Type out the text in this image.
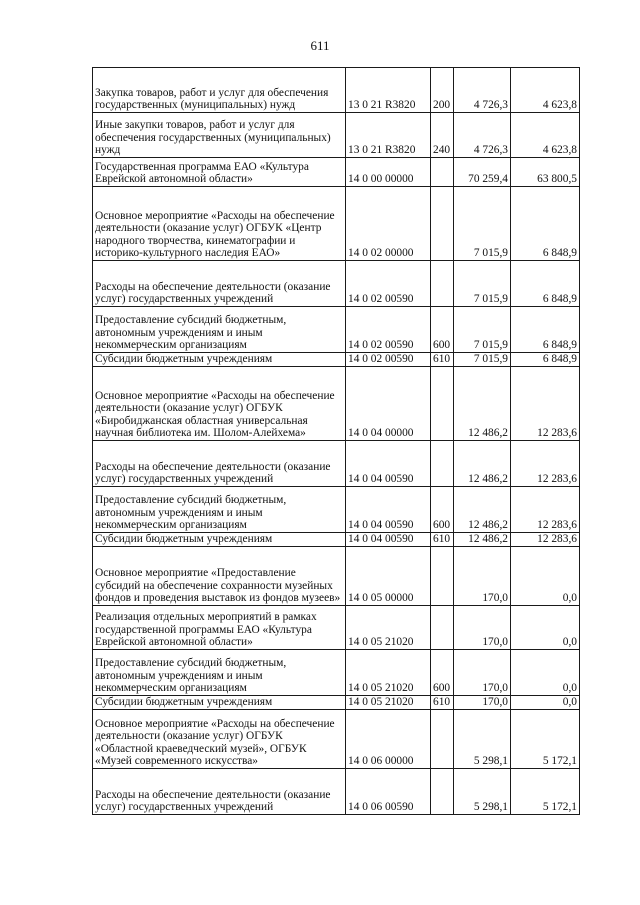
611
Закупка товаров, работ и услуг для обеспечения государственных (муниципальных) нужд	13 0 21 R3820	200	4 726,3	4 623,8
Иные закупки товаров, работ и услуг для обеспечения государственных (муниципальных) нужд	13 0 21 R3820	240	4 726,3	4 623,8
Государственная программа ЕАО «Культура Еврейской автономной области»	14 0 00 00000		70 259,4	63 800,5
Основное мероприятие «Расходы на обеспечение деятельности (оказание услуг) ОГБУК «Центр народного творчества, кинематографии и историко-культурного наследия ЕАО»	14 0 02 00000		7 015,9	6 848,9
Расходы на обеспечение деятельности (оказание услуг) государственных учреждений	14 0 02 00590		7 015,9	6 848,9
Предоставление субсидий бюджетным, автономным учреждениям и иным некоммерческим организациям	14 0 02 00590	600	7 015,9	6 848,9
Субсидии бюджетным учреждениям	14 0 02 00590	610	7 015,9	6 848,9
Основное мероприятие «Расходы на обеспечение деятельности (оказание услуг) ОГБУК «Биробиджанская областная универсальная научная библиотека им. Шолом-Алейхема»	14 0 04 00000		12 486,2	12 283,6
Расходы на обеспечение деятельности (оказание услуг) государственных учреждений	14 0 04 00590		12 486,2	12 283,6
Предоставление субсидий бюджетным, автономным учреждениям и иным некоммерческим организациям	14 0 04 00590	600	12 486,2	12 283,6
Субсидии бюджетным учреждениям	14 0 04 00590	610	12 486,2	12 283,6
Основное мероприятие «Предоставление субсидий на обеспечение сохранности музейных фондов и проведения выставок из фондов музеев»	14 0 05 00000		170,0	0,0
Реализация отдельных мероприятий в рамках государственной программы ЕАО «Культура Еврейской автономной области»	14 0 05 21020		170,0	0,0
Предоставление субсидий бюджетным, автономным учреждениям и иным некоммерческим организациям	14 0 05 21020	600	170,0	0,0
Субсидии бюджетным учреждениям	14 0 05 21020	610	170,0	0,0
Основное мероприятие «Расходы на обеспечение деятельности (оказание услуг) ОГБУК «Областной краеведческий музей», ОГБУК «Музей современного искусства»	14 0 06 00000		5 298,1	5 172,1
Расходы на обеспечение деятельности (оказание услуг) государственных учреждений	14 0 06 00590		5 298,1	5 172,1
